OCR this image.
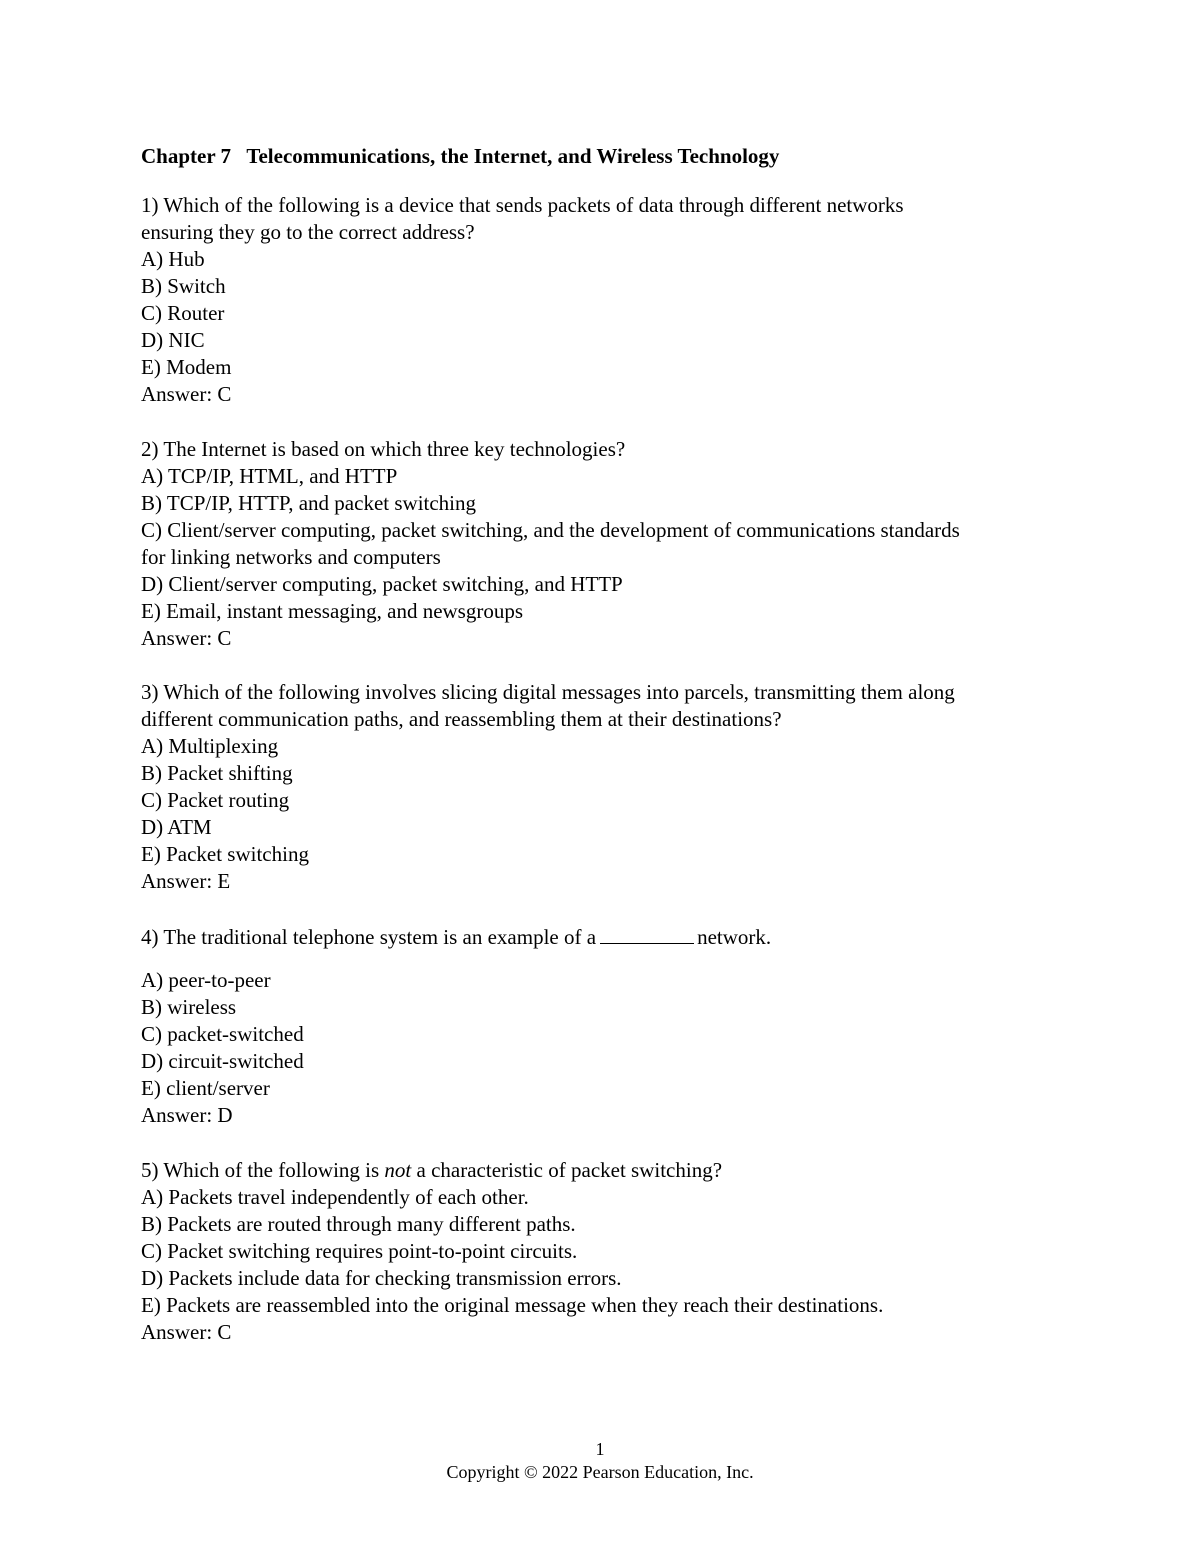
Chapter 7   Telecommunications, the Internet, and Wireless Technology
1) Which of the following is a device that sends packets of data through different networks
ensuring they go to the correct address?
A) Hub
B) Switch
C) Router
D) NIC
E) Modem
Answer: C
2) The Internet is based on which three key technologies?
A) TCP/IP, HTML, and HTTP
B) TCP/IP, HTTP, and packet switching
C) Client/server computing, packet switching, and the development of communications standards
for linking networks and computers
D) Client/server computing, packet switching, and HTTP
E) Email, instant messaging, and newsgroups
Answer: C
3) Which of the following involves slicing digital messages into parcels, transmitting them along
different communication paths, and reassembling them at their destinations?
A) Multiplexing
B) Packet shifting
C) Packet routing
D) ATM
E) Packet switching
Answer: E
4) The traditional telephone system is an example of a	network.
A) peer-to-peer
B) wireless
C) packet-switched
D) circuit-switched
E) client/server
Answer: D
5) Which of the following is not a characteristic of packet switching?
A) Packets travel independently of each other.
B) Packets are routed through many different paths.
C) Packet switching requires point-to-point circuits.
D) Packets include data for checking transmission errors.
E) Packets are reassembled into the original message when they reach their destinations.
Answer: C
1
Copyright © 2022 Pearson Education, Inc.
